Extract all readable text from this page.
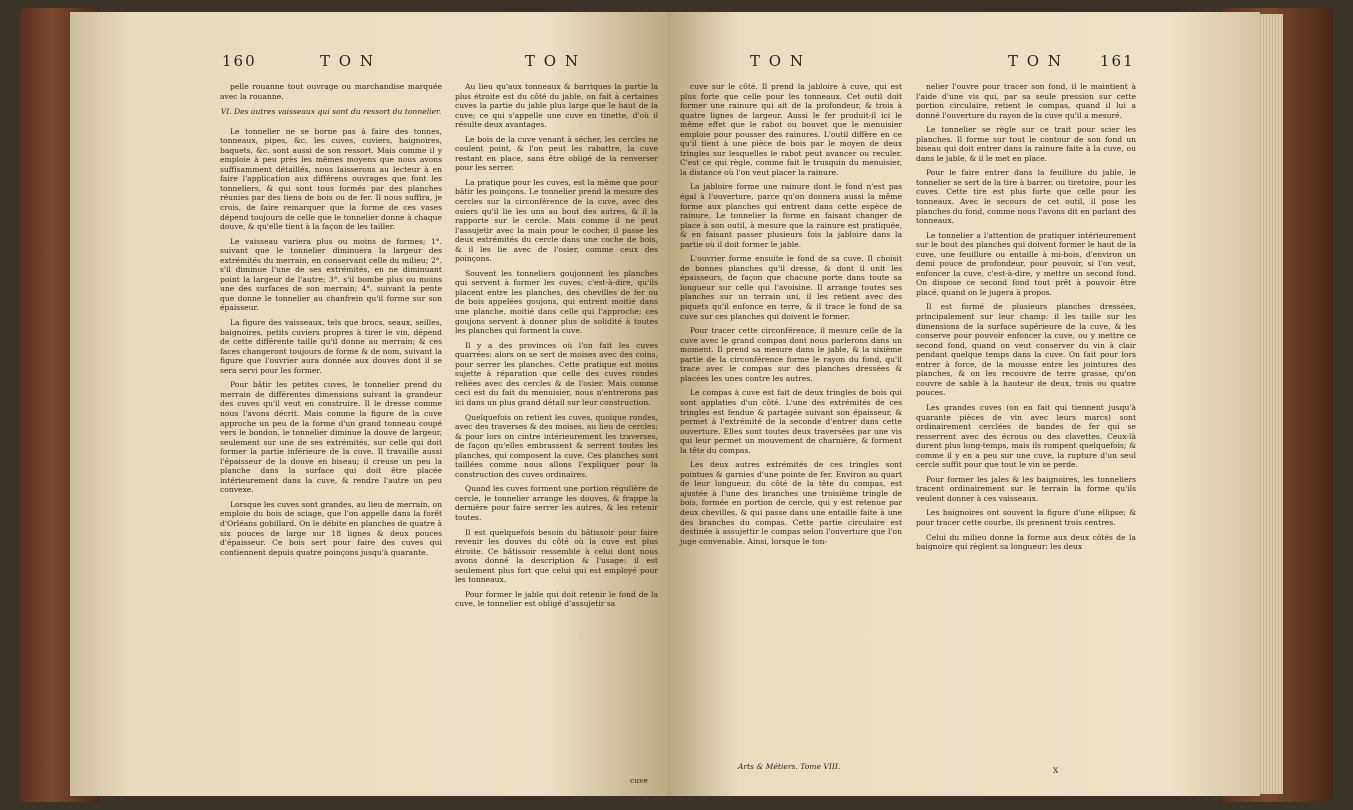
160	T O N	T O N

pelle rouanne tout ouvrage ou marchandise marquée avec la rouanne.

VI. Des autres vaisseaux qui sont du ressort du tonnelier.

Le tonnelier ne se borne pas à faire des tonnes, tonneaux, pipes, &c. les cuves, cuviers, baignoires, baquets, &c. sont aussi de son ressort. Mais comme il y emploie à peu près les mêmes moyens que nous avons suffisamment détaillés, nous laisserons au lecteur à en faire l'application aux différens ouvrages que font les tonneliers, & qui sont tous formés par des planches réunies par des liens de bois ou de fer. Il nous suffira, je crois, de faire remarquer que la forme de ces vases dépend toujours de celle que le tonnelier donne à chaque douve, & qu'elle tient à la façon de les tailler.

Le vaisseau variera plus ou moins de formes; 1°. suivant que le tonnelier diminuera la largeur des extrémités du merrain, en conservant celle du milieu; 2°. s'il diminue l'une de ses extrémités, en ne diminuant point la largeur de l'autre; 3°. s'il bombe plus ou moins une des surfaces de son merrain; 4°. suivant la pente que donne le tonnelier au chanfrein qu'il forme sur son épaisseur.

La figure des vaisseaux, tels que brocs, seaux, seilles, baignoires, petits cuviers propres à tirer le vin, dépend de cette différente taille qu'il donne au merrain; & ces faces changeront toujours de forme & de nom, suivant la figure que l'ouvrier aura donnée aux douves dont il se sera servi pour les former.

Pour bâtir les petites cuves, le tonnelier prend du merrain de différentes dimensions suivant la grandeur des cuves qu'il veut en construire. Il le dresse comme nous l'avons décrit. Mais comme la figure de la cuve approche un peu de la forme d'un grand tonneau coupé vers le bondon, le tonnelier diminue la douve de largeur, seulement sur une de ses extrémités, sur celle qui doit former la partie inférieure de la cuve. Il travaille aussi l'épaisseur de la douve en biseau; il creuse un peu la planche dans la surface qui doit être placée intérieurement dans la cuve, & rendre l'autre un peu convexe.

Lorsque les cuves sont grandes, au lieu de merrain, on emploie du bois de sciage, que l'on appelle dans la forêt d'Orléans gobillard. On le débite en planches de quatre à six pouces de large sur 18 lignes & deux pouces d'épaisseur. Ce bois sert pour faire des cuves qui contiennent depuis quatre poinçons jusqu'à quarante.

Au lieu qu'aux tonneaux & barriques la partie la plus étroite est du côté du jable, on fait à certaines cuves la partie du jable plus large que le haut de la cuve; ce qui s'appelle une cuve en tinette, d'où il résulte deux avantages.

Le bois de la cuve venant à sécher, les cercles ne coulent point, & l'on peut les rabattre, la cuve restant en place, sans être obligé de la renverser pour les serrer.

La pratique pour les cuves, est la même que pour bâtir les poinçons. Le tonnelier prend la mesure des cercles sur la circonférence de la cuve, avec des osiers qu'il lie les uns au bout des autres, & il la rapporte sur le cercle. Mais comme il ne peut l'assujetir avec la main pour le cocher, il passe les deux extrémités du cercle dans une coche de bois, & il les lie avec de l'osier, comme ceux des poinçons.

Souvent les tonneliers goujonnent les planches qui servent à former les cuves; c'est-à-dire, qu'ils placent entre les planches, des chevilles de fer ou de bois appelées goujons, qui entrent moitié dans une planche, moitié dans celle qui l'approche; ces goujons servent à donner plus de solidité à toutes les planches qui forment la cuve.

Il y a des provinces où l'on fait les cuves quarrées: alors on se sert de moises avec des coins, pour serrer les planches. Cette pratique est moins sujette à réparation que celle des cuves rondes reliées avec des cercles & de l'osier. Mais comme ceci est du fait du menuisier, nous n'entrerons pas ici dans un plus grand détail sur leur construction.

Quelquefois on retient les cuves, quoique rondes, avec des traverses & des moises, au lieu de cercles; & pour lors on cintre intérieurement les traverses, de façon qu'elles embrassent & serrent toutes les planches, qui composent la cuve. Ces planches sont taillées comme nous allons l'expliquer pour la construction des cuves ordinaires.

Quand les cuves forment une portion régulière de cercle, le tonnelier arrange les douves, & frappe la dernière pour faire serrer les autres, & les retenir toutes.

Il est quelquefois besoin du bâtissoir pour faire revenir les douves du côté où la cuve est plus étroite. Ce bâtissoir ressemble à celui dont nous avons donné la description & l'usage: il est seulement plus fort que celui qui est employé pour les tonneaux.

Pour former le jable qui doit retenir le fond de la cuve, le tonnelier est obligé d'assujetir sa

cuve
T O N	T O N 161

cuve sur le côté. Il prend la jabloire à cuve, qui est plus forte que celle pour les tonneaux. Cet outil doit former une rainure qui ait de la profondeur, & trois à quatre lignes de largeur. Aussi le fer produit-il ici le même effet que le rabot ou bouvet que le menuisier emploie pour pousser des rainures. L'outil diffère en ce qu'il tient à une pièce de bois par le moyen de deux tringles sur lesquelles le rabot peut avancer ou reculer. C'est ce qui règle, comme fait le trusquin du menuisier, la distance où l'on veut placer la rainure.

La jabloire forme une rainure dont le fond n'est pas égal à l'ouverture, parce qu'on donnera aussi la même forme aux planches qui entrent dans cette espèce de rainure. Le tonnelier la forme en faisant changer de place à son outil, à mesure que la rainure est pratiquée, & en faisant passer plusieurs fois la jabloire dans la partie où il doit former le jable.

L'ouvrier forme ensuite le fond de sa cuve. Il choisit de bonnes planches qu'il dresse, & dont il unit les épaisseurs, de façon que chacune porte dans toute sa longueur sur celle qui l'avoisine. Il arrange toutes ses planches sur un terrain uni, il les retient avec des piquets qu'il enfonce en terre, & il trace le fond de sa cuve sur ces planches qui doivent le former.

Pour tracer cette circonférence, il mesure celle de la cuve avec le grand compas dont nous parlerons dans un moment. Il prend sa mesure dans le jable, & la sixième partie de la circonférence forme le rayon du fond, qu'il trace avec le compas sur des planches dressées & placées les unes contre les autres.

Le compas à cuve est fait de deux tringles de bois qui sont applaties d'un côté. L'une des extrémités de ces tringles est fendue & partagée suivant son épaisseur, & permet à l'extrémité de la seconde d'entrer dans cette ouverture. Elles sont toutes deux traversées par une vis qui leur permet un mouvement de charnière, & forment la tête du compas.

Les deux autres extrémités de ces tringles sont pointues & garnies d'une pointe de fer. Environ au quart de leur longueur, du côté de la tête du compas, est ajustée à l'une des branches une troisième tringle de bois, formée en portion de cercle, qui y est retenue par deux chevilles, & qui passe dans une entaille faite à une des branches du compas. Cette partie circulaire est destinée à assujettir le compas selon l'ouverture que l'on juge convenable. Ainsi, lorsque le ton-

nelier l'ouvre pour tracer son fond, il le maintient à l'aide d'une vis qui, par sa seule pression sur cette portion circulaire, retient le compas, quand il lui a donné l'ouverture du rayon de la cuve qu'il a mesuré.

Le tonnelier se règle sur ce trait pour scier les planches. Il forme sur tout le contour de son fond un biseau qui doit entrer dans la rainure faite à la cuve, ou dans le jable, & il le met en place.

Pour le faire entrer dans la feuillure du jable, le tonnelier se sert de la tire à barrer, ou tiretoire, pour les cuves. Cette tire est plus forte que celle pour les tonneaux. Avec le secours de cet outil, il pose les planches du fond, comme nous l'avons dit en parlant des tonneaux.

Le tonnelier a l'attention de pratiquer intérieurement sur le bout des planches qui doivent former le haut de la cuve, une feuillure ou entaille à mi-bois, d'environ un demi pouce de profondeur, pour pouvoir, si l'on veut, enfoncer la cuve, c'est-à-dire, y mettre un second fond. On dispose ce second fond tout prêt à pouvoir être placé, quand on le jugera à propos.

Il est formé de plusieurs planches dressées, principalement sur leur champ: il les taille sur les dimensions de la surface supérieure de la cuve, & les conserve pour pouvoir enfoncer la cuve, ou y mettre ce second fond, quand on veut conserver du vin à clair pendant quelque temps dans la cuve. On fait pour lors entrer à force, de la mousse entre les jointures des planches, & on les recouvre de terre grasse, qu'on couvre de sable à la hauteur de deux, trois ou quatre pouces.

Les grandes cuves (on en fait qui tiennent jusqu'à quarante pièces de vin avec leurs marcs) sont ordinairement cerclées de bandes de fer qui se resserrent avec des écrous ou des clavettes. Ceux-là durent plus long-temps, mais ils rompent quelquefois; & comme il y en a peu sur une cuve, la rupture d'un seul cercle suffit pour que tout le vin se perde.

Pour former les jales & les baignoires, les tonneliers tracent ordinairement sur le terrain la forme qu'ils veulent donner à ces vaisseaux.

Les baignoires ont souvent la figure d'une ellipse; & pour tracer cette courbe, ils prennent trois centres.

Celui du milieu donne la forme aux deux côtés de la baignoire qui règlent sa longueur: les deux

Arts & Métiers. Tome VIII.	X
